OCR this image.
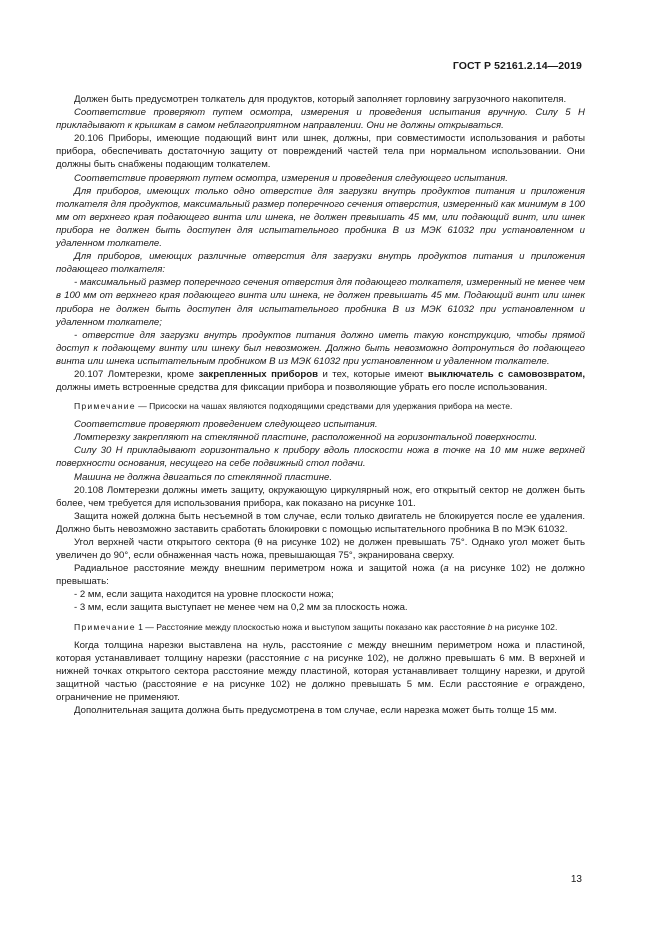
ГОСТ Р 52161.2.14—2019

Должен быть предусмотрен толкатель для продуктов, который заполняет горловину загрузочного накопителя.

Соответствие проверяют путем осмотра, измерения и проведения испытания вручную. Силу 5 Н прикладывают к крышкам в самом неблагоприятном направлении. Они не должны открываться.

20.106 Приборы, имеющие подающий винт или шнек, должны, при совместимости использования и работы прибора, обеспечивать достаточную защиту от повреждений частей тела при нормальном использовании. Они должны быть снабжены подающим толкателем.

Соответствие проверяют путем осмотра, измерения и проведения следующего испытания.

Для приборов, имеющих только одно отверстие для загрузки внутрь продуктов питания и приложения толкателя для продуктов, максимальный размер поперечного сечения отверстия, измеренный как минимум в 100 мм от верхнего края подающего винта или шнека, не должен превышать 45 мм, или подающий винт, или шнек прибора не должен быть доступен для испытательного пробника В из МЭК 61032 при установленном и удаленном толкателе.

Для приборов, имеющих различные отверстия для загрузки внутрь продуктов питания и приложения подающего толкателя:

- максимальный размер поперечного сечения отверстия для подающего толкателя, измеренный не менее чем в 100 мм от верхнего края подающего винта или шнека, не должен превышать 45 мм. Подающий винт или шнек прибора не должен быть доступен для испытательного пробника В из МЭК 61032 при установленном и удаленном толкателе;

- отверстие для загрузки внутрь продуктов питания должно иметь такую конструкцию, чтобы прямой доступ к подающему винту или шнеку был невозможен. Должно быть невозможно дотронуться до подающего винта или шнека испытательным пробником В из МЭК 61032 при установленном и удаленном толкателе.

20.107 Ломтерезки, кроме закрепленных приборов и тех, которые имеют выключатель с самовозвратом, должны иметь встроенные средства для фиксации прибора и позволяющие убрать его после использования.

Примечание — Присоски на чашах являются подходящими средствами для удержания прибора на месте.

Соответствие проверяют проведением следующего испытания.

Ломтерезку закрепляют на стеклянной пластине, расположенной на горизонтальной поверхности.

Силу 30 Н прикладывают горизонтально к прибору вдоль плоскости ножа в точке на 10 мм ниже верхней поверхности основания, несущего на себе подвижный стол подачи.

Машина не должна двигаться по стеклянной пластине.

20.108 Ломтерезки должны иметь защиту, окружающую циркулярный нож, его открытый сектор не должен быть более, чем требуется для использования прибора, как показано на рисунке 101.

Защита ножей должна быть несъемной в том случае, если только двигатель не блокируется после ее удаления. Должно быть невозможно заставить сработать блокировки с помощью испытательного пробника В по МЭК 61032.

Угол верхней части открытого сектора (θ на рисунке 102) не должен превышать 75°. Однако угол может быть увеличен до 90°, если обнаженная часть ножа, превышающая 75°, экранирована сверху.

Радиальное расстояние между внешним периметром ножа и защитой ножа (a на рисунке 102) не должно превышать:

- 2 мм, если защита находится на уровне плоскости ножа;

- 3 мм, если защита выступает не менее чем на 0,2 мм за плоскость ножа.

Примечание 1 — Расстояние между плоскостью ножа и выступом защиты показано как расстояние b на рисунке 102.

Когда толщина нарезки выставлена на нуль, расстояние c между внешним периметром ножа и пластиной, которая устанавливает толщину нарезки (расстояние c на рисунке 102), не должно превышать 6 мм. В верхней и нижней точках открытого сектора расстояние между пластиной, которая устанавливает толщину нарезки, и другой защитной частью (расстояние e на рисунке 102) не должно превышать 5 мм. Если расстояние e ограждено, ограничение не применяют.

Дополнительная защита должна быть предусмотрена в том случае, если нарезка может быть толще 15 мм.

13
